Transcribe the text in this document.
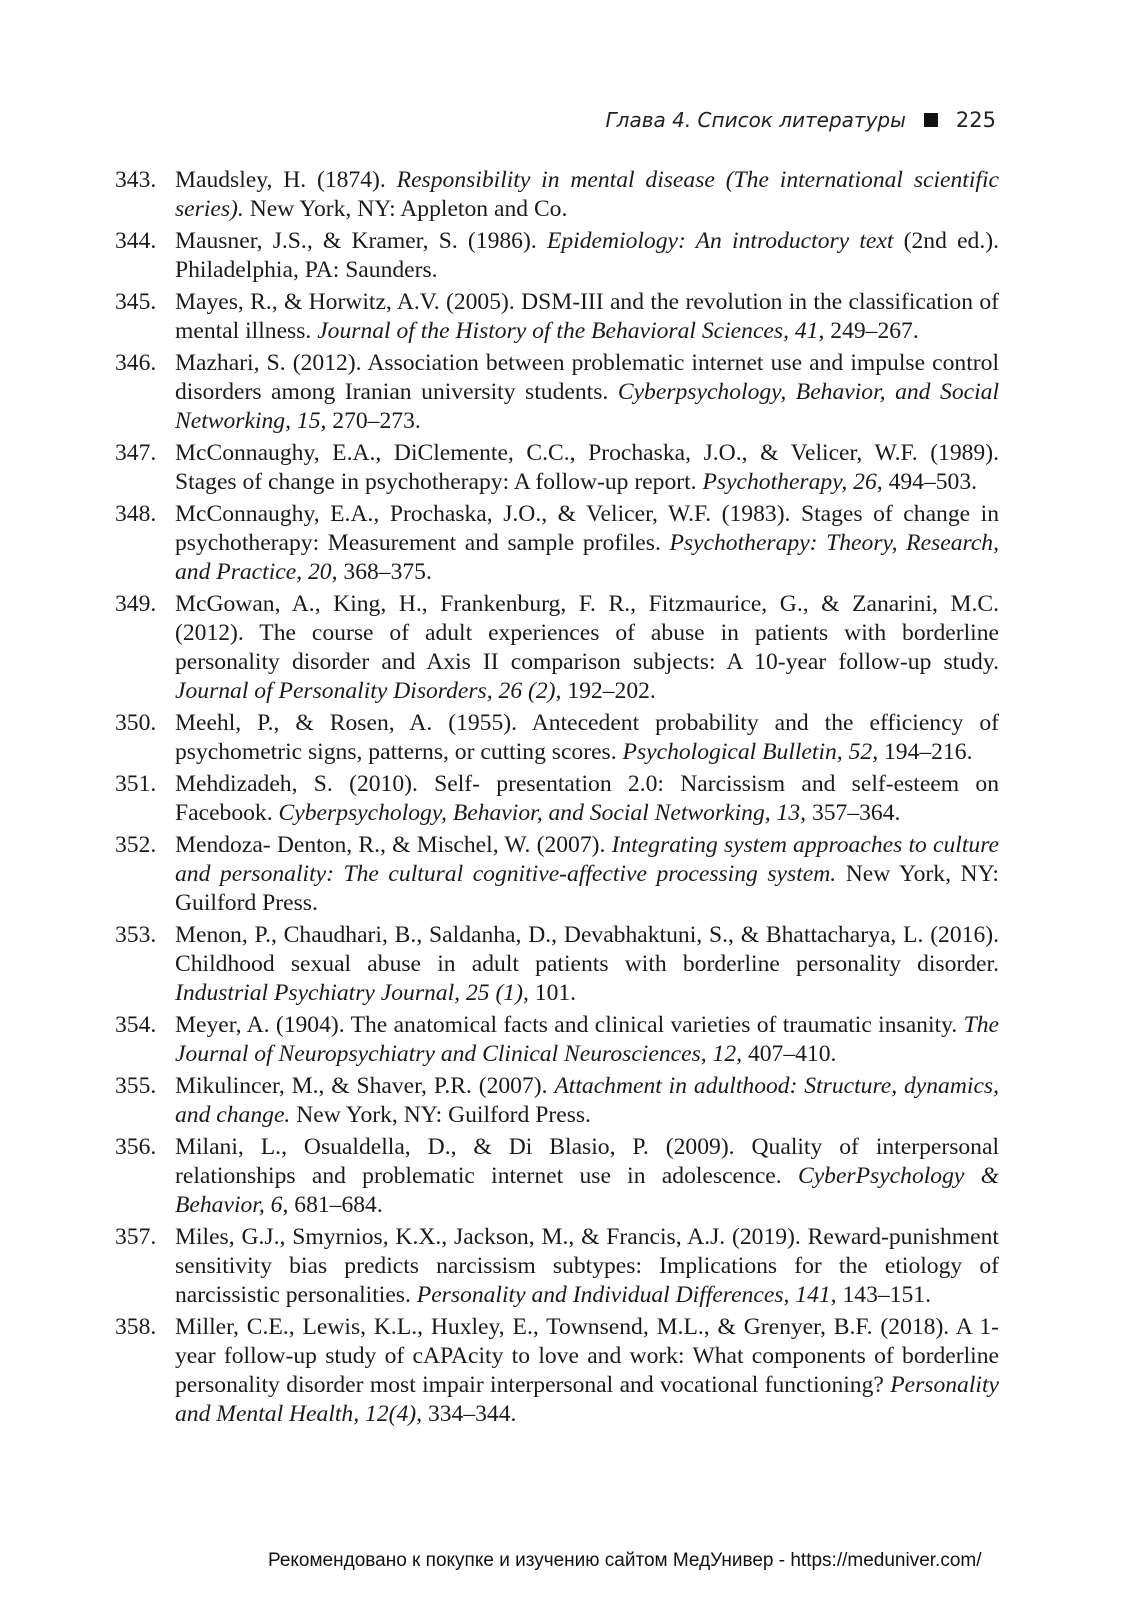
Глава 4. Список литературы 225
343. Maudsley, H. (1874). Responsibility in mental disease (The international scientific series). New York, NY: Appleton and Co.
344. Mausner, J.S., & Kramer, S. (1986). Epidemiology: An introductory text (2nd ed.). Philadelphia, PA: Saunders.
345. Mayes, R., & Horwitz, A.V. (2005). DSM-III and the revolution in the classification of mental illness. Journal of the History of the Behavioral Sciences, 41, 249–267.
346. Mazhari, S. (2012). Association between problematic internet use and impulse control disorders among Iranian university students. Cyberpsychology, Behavior, and Social Networking, 15, 270–273.
347. McConnaughy, E.A., DiClemente, C.C., Prochaska, J.O., & Velicer, W.F. (1989). Stages of change in psychotherapy: A follow-up report. Psychotherapy, 26, 494–503.
348. McConnaughy, E.A., Prochaska, J.O., & Velicer, W.F. (1983). Stages of change in psychotherapy: Measurement and sample profiles. Psychotherapy: Theory, Research, and Practice, 20, 368–375.
349. McGowan, A., King, H., Frankenburg, F. R., Fitzmaurice, G., & Zanarini, M.C. (2012). The course of adult experiences of abuse in patients with borderline personality disorder and Axis II comparison subjects: A 10-year follow-up study. Journal of Personality Disorders, 26 (2), 192–202.
350. Meehl, P., & Rosen, A. (1955). Antecedent probability and the efficiency of psychometric signs, patterns, or cutting scores. Psychological Bulletin, 52, 194–216.
351. Mehdizadeh, S. (2010). Self- presentation 2.0: Narcissism and self-esteem on Facebook. Cyberpsychology, Behavior, and Social Networking, 13, 357–364.
352. Mendoza- Denton, R., & Mischel, W. (2007). Integrating system approaches to culture and personality: The cultural cognitive-affective processing system. New York, NY: Guilford Press.
353. Menon, P., Chaudhari, B., Saldanha, D., Devabhaktuni, S., & Bhattacharya, L. (2016). Childhood sexual abuse in adult patients with borderline personality disorder. Industrial Psychiatry Journal, 25 (1), 101.
354. Meyer, A. (1904). The anatomical facts and clinical varieties of traumatic insanity. The Journal of Neuropsychiatry and Clinical Neurosciences, 12, 407–410.
355. Mikulincer, M., & Shaver, P.R. (2007). Attachment in adulthood: Structure, dynamics, and change. New York, NY: Guilford Press.
356. Milani, L., Osualdella, D., & Di Blasio, P. (2009). Quality of interpersonal relationships and problematic internet use in adolescence. CyberPsychology & Behavior, 6, 681–684.
357. Miles, G.J., Smyrnios, K.X., Jackson, M., & Francis, A.J. (2019). Reward-punishment sensitivity bias predicts narcissism subtypes: Implications for the etiology of narcissistic personalities. Personality and Individual Differences, 141, 143–151.
358. Miller, C.E., Lewis, K.L., Huxley, E., Townsend, M.L., & Grenyer, B.F. (2018). A 1-year follow-up study of cAPAcity to love and work: What components of borderline personality disorder most impair interpersonal and vocational functioning? Personality and Mental Health, 12(4), 334–344.
Рекомендовано к покупке и изучению сайтом МедУнивер - https://meduniver.com/
